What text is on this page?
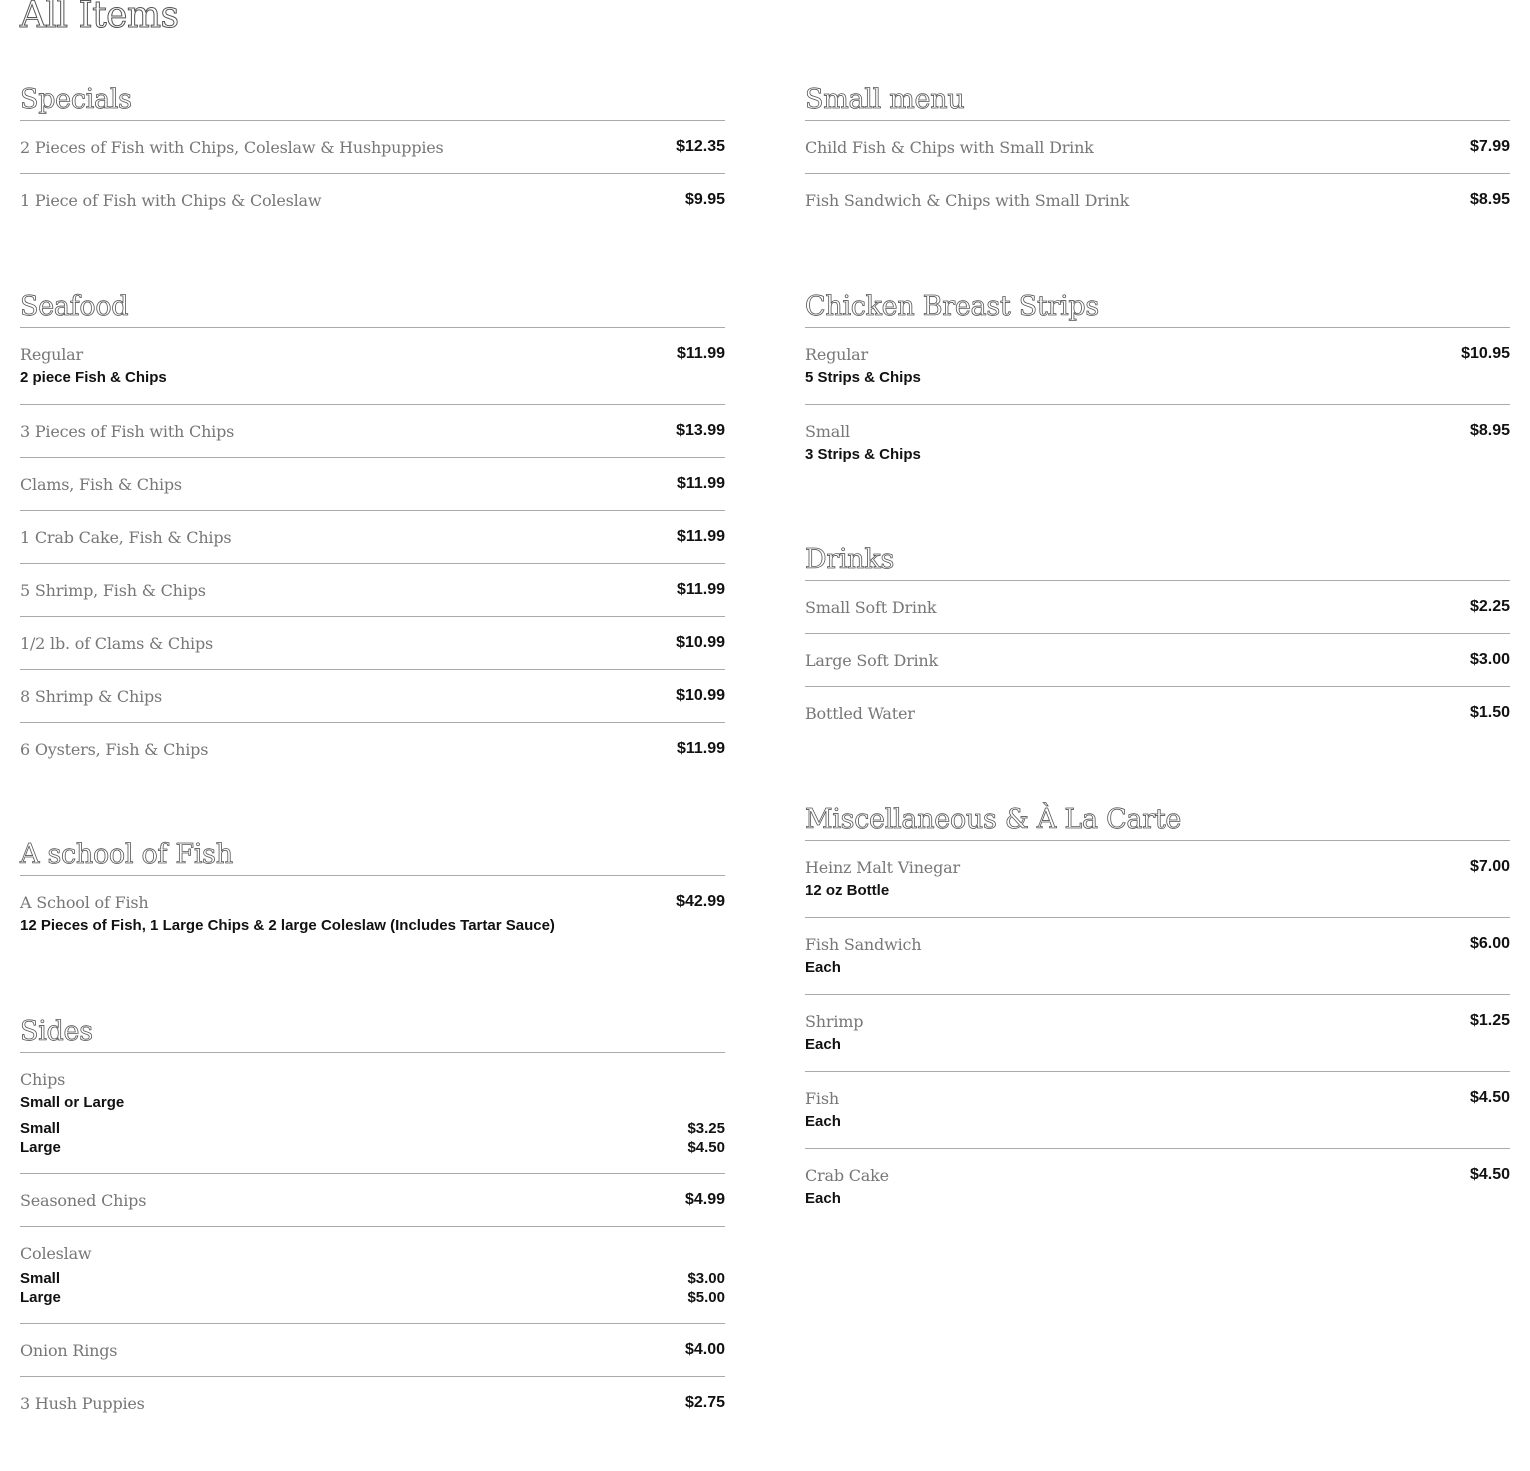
All Items
Specials
2 Pieces of Fish with Chips, Coleslaw & Hushpuppies	$12.35
1 Piece of Fish with Chips & Coleslaw	$9.95
Seafood
Regular	$11.99
2 piece Fish & Chips
3 Pieces of Fish with Chips	$13.99
Clams, Fish & Chips	$11.99
1 Crab Cake, Fish & Chips	$11.99
5 Shrimp, Fish & Chips	$11.99
1/2 lb. of Clams & Chips	$10.99
8 Shrimp & Chips	$10.99
6 Oysters, Fish & Chips	$11.99
A school of Fish
A School of Fish	$42.99
12 Pieces of Fish, 1 Large Chips & 2 large Coleslaw (Includes Tartar Sauce)
Sides
Chips
Small or Large
Small	$3.25
Large	$4.50
Seasoned Chips	$4.99
Coleslaw
Small	$3.00
Large	$5.00
Onion Rings	$4.00
3 Hush Puppies	$2.75
Small menu
Child Fish & Chips with Small Drink	$7.99
Fish Sandwich & Chips with Small Drink	$8.95
Chicken Breast Strips
Regular	$10.95
5 Strips & Chips
Small	$8.95
3 Strips & Chips
Drinks
Small Soft Drink	$2.25
Large Soft Drink	$3.00
Bottled Water	$1.50
Miscellaneous & À La Carte
Heinz Malt Vinegar	$7.00
12 oz Bottle
Fish Sandwich	$6.00
Each
Shrimp	$1.25
Each
Fish	$4.50
Each
Crab Cake	$4.50
Each
